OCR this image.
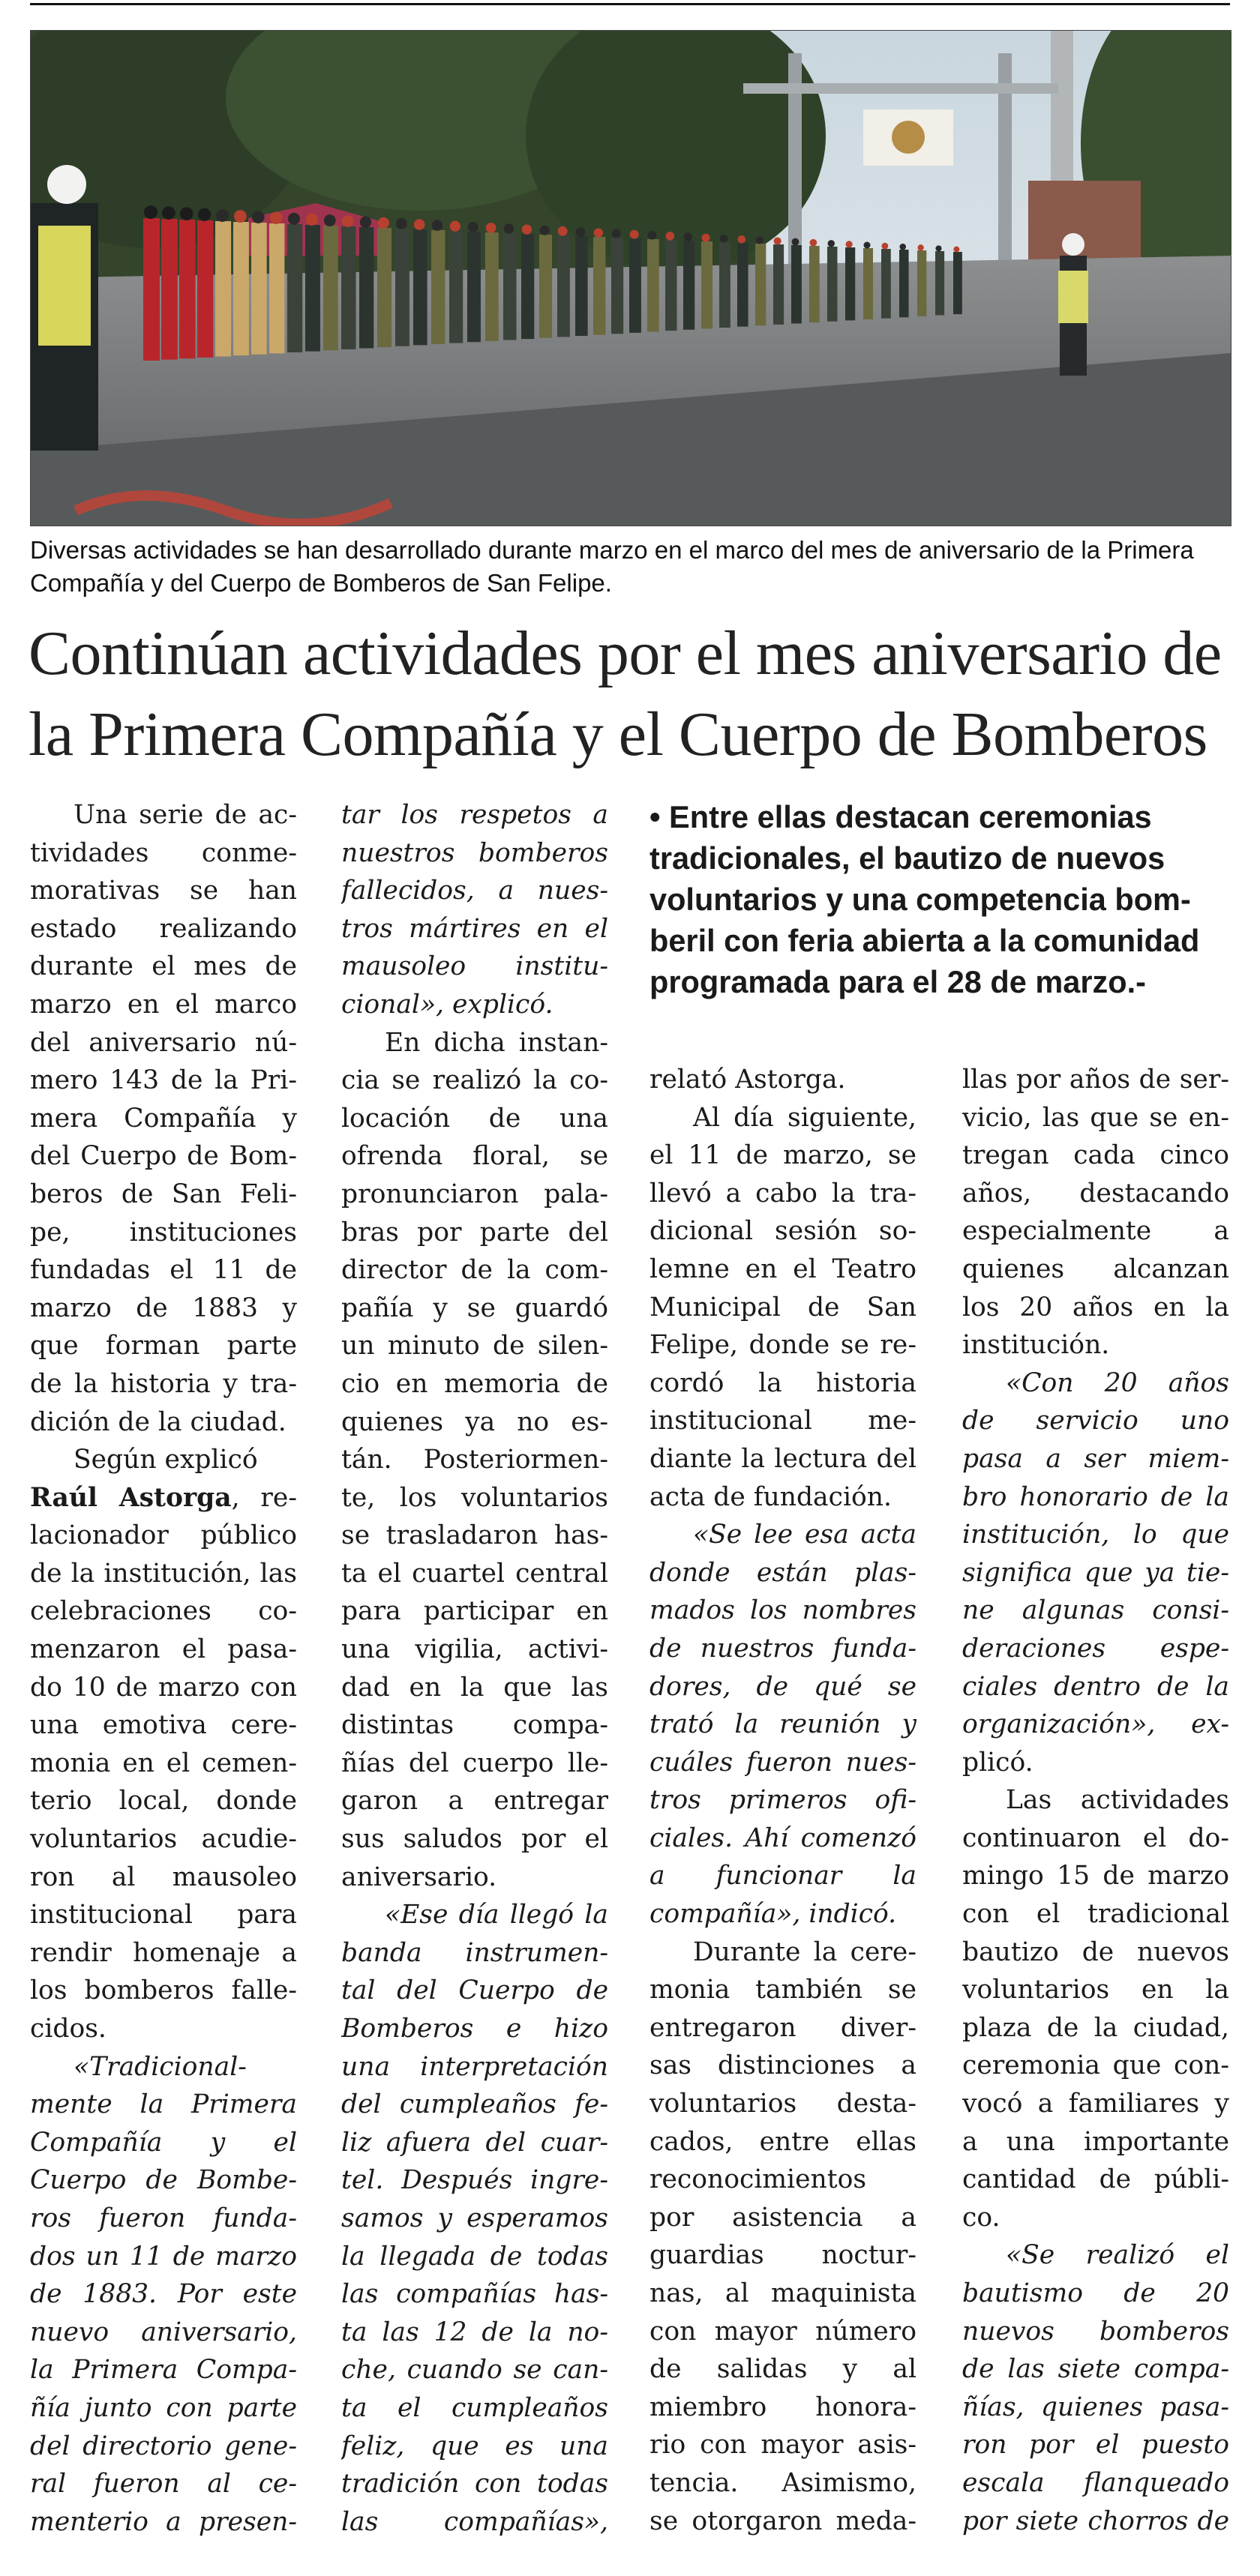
Diversas actividades se han desarrollado durante marzo en el marco del mes de aniversario de la Primera Compañía y del Cuerpo de Bomberos de San Felipe.
Continúan actividades por el mes aniversario de
la Primera Compañía y el Cuerpo de Bomberos
Una serie de ac-
tividades conme-
morativas se han
estado realizando
durante el mes de
marzo en el marco
del aniversario nú-
mero 143 de la Pri-
mera Compañía y
del Cuerpo de Bom-
beros de San Feli-
pe, instituciones
fundadas el 11 de
marzo de 1883 y
que forman parte
de la historia y tra-
dición de la ciudad.
Según explicó
Raúl Astorga, re-
lacionador público
de la institución, las
celebraciones co-
menzaron el pasa-
do 10 de marzo con
una emotiva cere-
monia en el cemen-
terio local, donde
voluntarios acudie-
ron al mausoleo
institucional para
rendir homenaje a
los bomberos falle-
cidos.
«Tradicional-
mente la Primera
Compañía y el
Cuerpo de Bombe-
ros fueron funda-
dos un 11 de marzo
de 1883. Por este
nuevo aniversario,
la Primera Compa-
ñía junto con parte
del directorio gene-
ral fueron al ce-
menterio a presen-
tar los respetos a
nuestros bomberos
fallecidos, a nues-
tros mártires en el
mausoleo institu-
cional», explicó.
En dicha instan-
cia se realizó la co-
locación de una
ofrenda floral, se
pronunciaron pala-
bras por parte del
director de la com-
pañía y se guardó
un minuto de silen-
cio en memoria de
quienes ya no es-
tán. Posteriormen-
te, los voluntarios
se trasladaron has-
ta el cuartel central
para participar en
una vigilia, activi-
dad en la que las
distintas compa-
ñías del cuerpo lle-
garon a entregar
sus saludos por el
aniversario.
«Ese día llegó la
banda instrumen-
tal del Cuerpo de
Bomberos e hizo
una interpretación
del cumpleaños fe-
liz afuera del cuar-
tel. Después ingre-
samos y esperamos
la llegada de todas
las compañías has-
ta las 12 de la no-
che, cuando se can-
ta el cumpleaños
feliz, que es una
tradición con todas
las compañías»,
• Entre ellas destacan ceremonias
tradicionales, el bautizo de nuevos
voluntarios y una competencia bom-
beril con feria abierta a la comunidad
programada para el 28 de marzo.-
relató Astorga.
Al día siguiente,
el 11 de marzo, se
llevó a cabo la tra-
dicional sesión so-
lemne en el Teatro
Municipal de San
Felipe, donde se re-
cordó la historia
institucional me-
diante la lectura del
acta de fundación.
«Se lee esa acta
donde están plas-
mados los nombres
de nuestros funda-
dores, de qué se
trató la reunión y
cuáles fueron nues-
tros primeros ofi-
ciales. Ahí comenzó
a funcionar la
compañía», indicó.
Durante la cere-
monia también se
entregaron diver-
sas distinciones a
voluntarios desta-
cados, entre ellas
reconocimientos
por asistencia a
guardias noctur-
nas, al maquinista
con mayor número
de salidas y al
miembro honora-
rio con mayor asis-
tencia. Asimismo,
se otorgaron meda-
llas por años de ser-
vicio, las que se en-
tregan cada cinco
años, destacando
especialmente a
quienes alcanzan
los 20 años en la
institución.
«Con 20 años
de servicio uno
pasa a ser miem-
bro honorario de la
institución, lo que
significa que ya tie-
ne algunas consi-
deraciones espe-
ciales dentro de la
organización», ex-
plicó.
Las actividades
continuaron el do-
mingo 15 de marzo
con el tradicional
bautizo de nuevos
voluntarios en la
plaza de la ciudad,
ceremonia que con-
vocó a familiares y
a una importante
cantidad de públi-
co.
«Se realizó el
bautismo de 20
nuevos bomberos
de las siete compa-
ñías, quienes pasa-
ron por el puesto
escala flanqueado
por siete chorros de
